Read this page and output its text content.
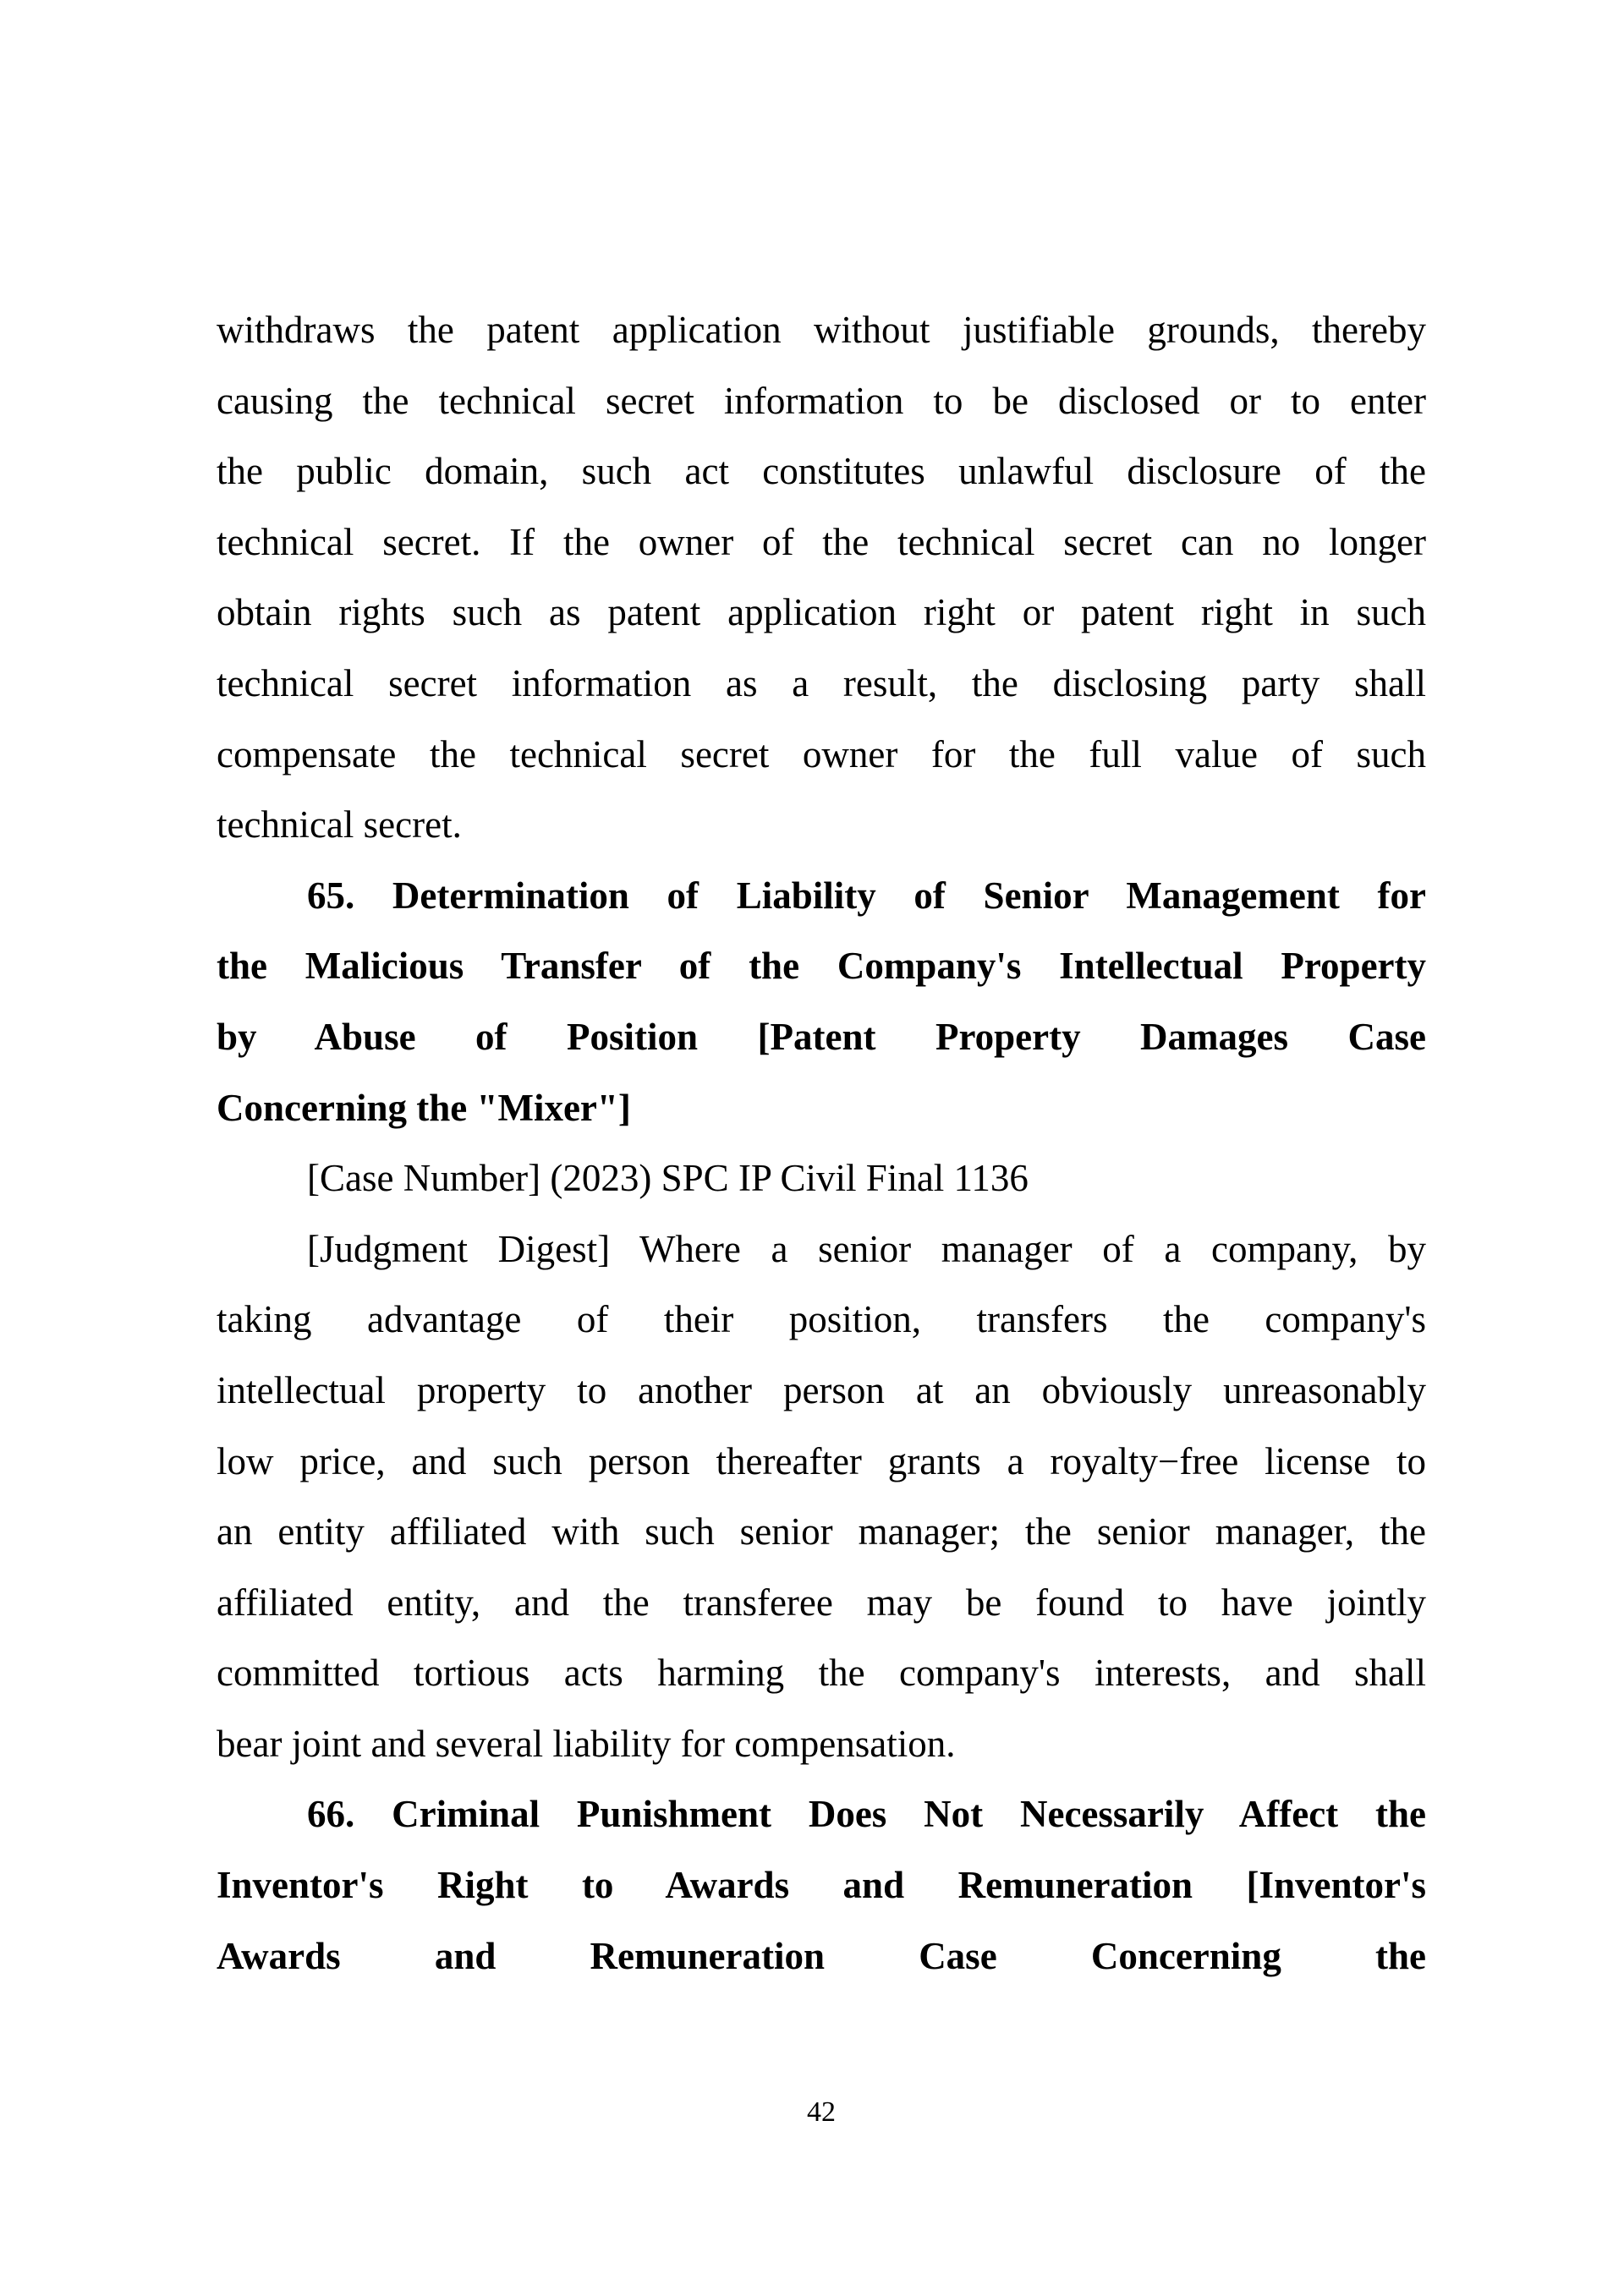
withdraws the patent application without justifiable grounds, thereby
causing the technical secret information to be disclosed or to enter
the public domain, such act constitutes unlawful disclosure of the
technical secret. If the owner of the technical secret can no longer
obtain rights such as patent application right or patent right in such
technical secret information as a result, the disclosing party shall
compensate the technical secret owner for the full value of such
technical secret.
65. Determination of Liability of Senior Management for
the Malicious Transfer of the Company's Intellectual Property
by Abuse of Position [Patent Property Damages Case
Concerning the "Mixer"]
[Case Number] (2023) SPC IP Civil Final 1136
[Judgment Digest] Where a senior manager of a company, by
taking advantage of their position, transfers the company's
intellectual property to another person at an obviously unreasonably
low price, and such person thereafter grants a royalty−free license to
an entity affiliated with such senior manager; the senior manager, the
affiliated entity, and the transferee may be found to have jointly
committed tortious acts harming the company's interests, and shall
bear joint and several liability for compensation.
66. Criminal Punishment Does Not Necessarily Affect the
Inventor's Right to Awards and Remuneration [Inventor's
Awards and Remuneration Case Concerning the
42
